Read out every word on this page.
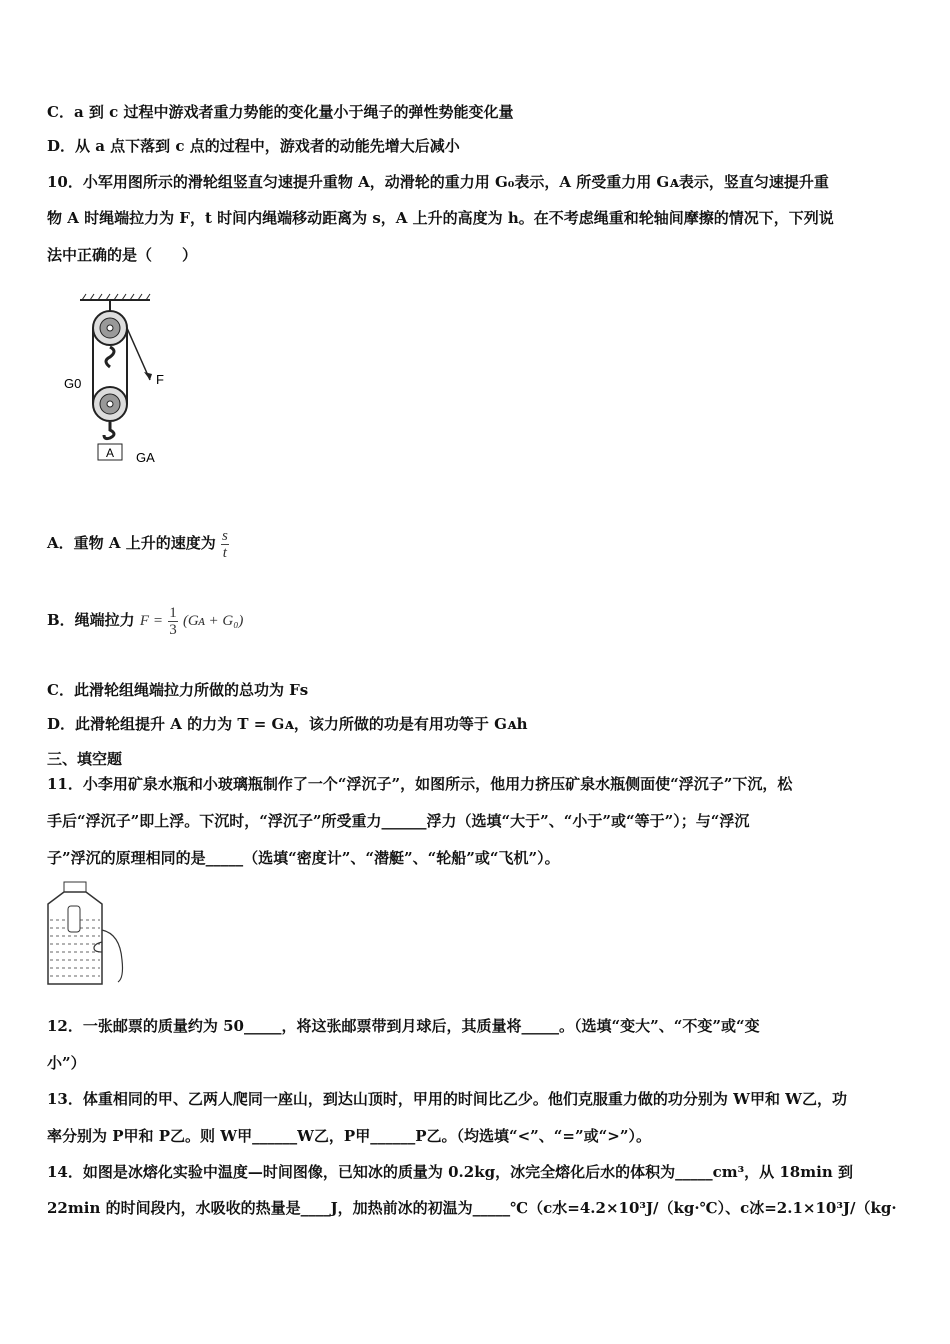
C．a 到 c 过程中游戏者重力势能的变化量小于绳子的弹性势能变化量
D．从 a 点下落到 c 点的过程中，游戏者的动能先增大后减小
10．小军用图所示的滑轮组竖直匀速提升重物 A，动滑轮的重力用 G₀表示，A 所受重力用 Gᴀ表示，竖直匀速提升重
物 A 时绳端拉力为 F，t 时间内绳端移动距离为 s，A 上升的高度为 h。在不考虑绳重和轮轴间摩擦的情况下，下列说
法中正确的是（　　）
A
G0	F
GA
A．重物 A 上升的速度为 $\frac{s}{t}$
B．绳端拉力 $F = \frac{1}{3}$ (Gᴀ + G₀)
C．此滑轮组绳端拉力所做的总功为 Fs
D．此滑轮组提升 A 的力为 T = Gᴀ，该力所做的功是有用功等于 Gᴀh
三、填空题
11．小李用矿泉水瓶和小玻璃瓶制作了一个“浮沉子”，如图所示，他用力挤压矿泉水瓶侧面使“浮沉子”下沉，松
手后“浮沉子”即上浮。下沉时，“浮沉子”所受重力______浮力（选填“大于”、“小于”或“等于”）；与“浮沉
子”浮沉的原理相同的是_____（选填“密度计”、“潜艇”、“轮船”或“飞机”）。
12．一张邮票的质量约为 50_____，将这张邮票带到月球后，其质量将_____。（选填“变大”、“不变”或“变
小”）
13．体重相同的甲、乙两人爬同一座山，到达山顶时，甲用的时间比乙少。他们克服重力做的功分别为 W甲和 W乙，功
率分别为 P甲和 P乙。则 W甲______W乙，P甲______P乙。（均选填“<”、“=”或“>”）。
14．如图是冰熔化实验中温度—时间图像，已知冰的质量为 0.2kg，冰完全熔化后水的体积为_____cm³，从 18min 到
22min 的时间段内，水吸收的热量是____J，加热前冰的初温为_____℃（c水=4.2×10³J/（kg·℃）、c冰=2.1×10³J/（kg·
